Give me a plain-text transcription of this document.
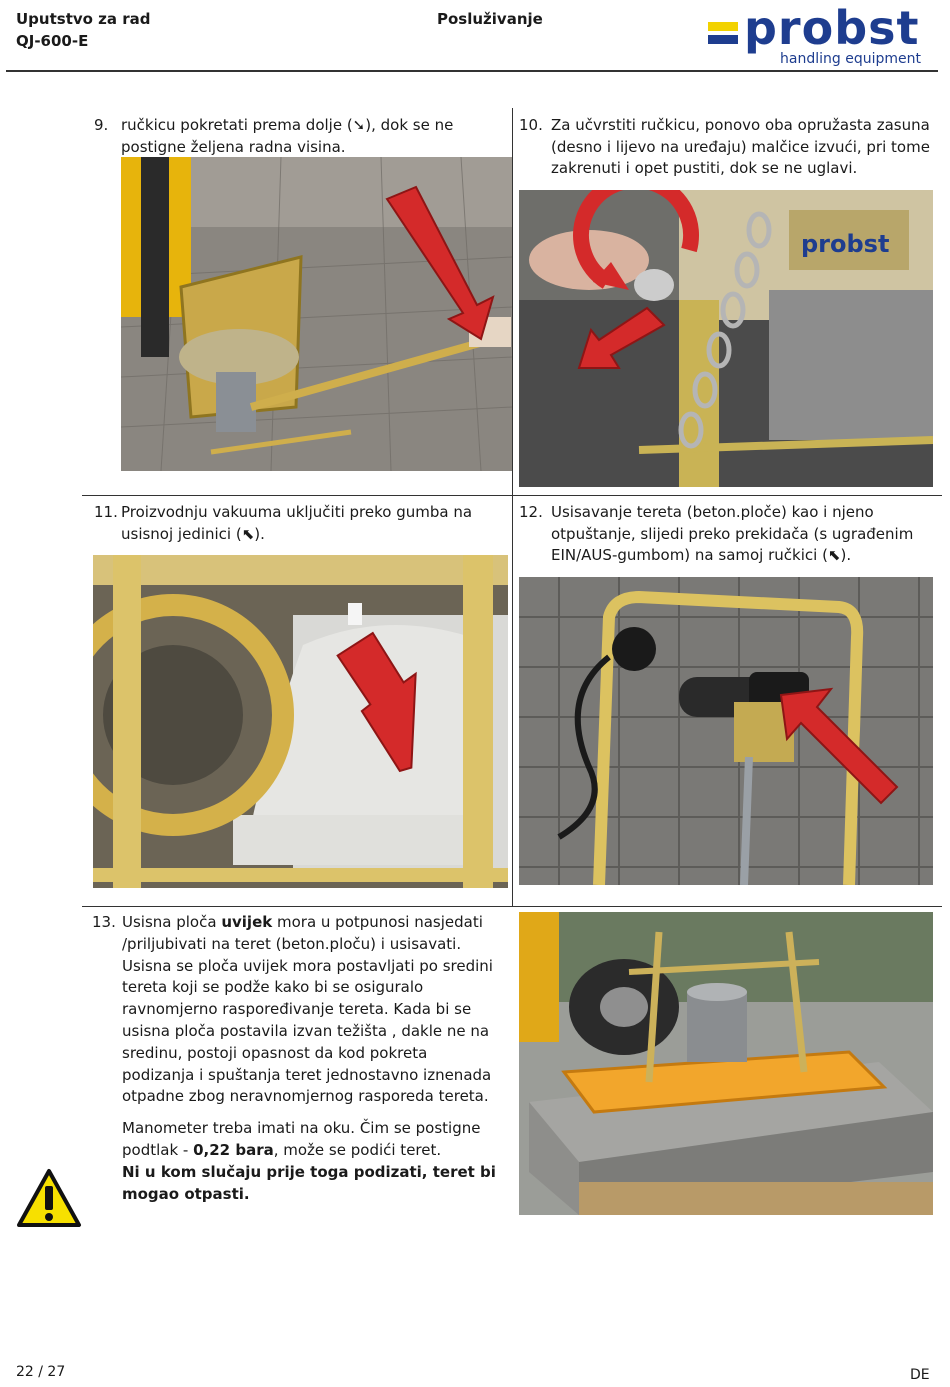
Uputstvo za rad
QJ-600-E
Posluživanje	probst
handling equipment
9. ručkicu pokretati prema dolje (➘), dok se ne
postigne željena radna visina.
10. Za učvrstiti ručkicu, ponovo oba opružasta zasuna
(desno i lijevo na uređaju) malčice izvući, pri tome
zakrenuti i opet pustiti, dok se ne uglavi.
probst
11. Proizvodnju vakuuma uključiti preko gumba na
usisnoj jedinici (⬉).
12. Usisavanje tereta (beton.ploče) kao i njeno
otpuštanje, slijedi preko prekidača (s ugrađenim
EIN/AUS-gumbom) na samoj ručkici (⬉).
13. Usisna ploča uvijek mora u potpunosi nasjedati /priljubivati na teret (beton.ploču) i usisavati. Usisna se ploča uvijek mora postavljati po sredini tereta koji se podže kako bi se osiguralo ravnomjerno raspoređivanje tereta. Kada bi se usisna ploča postavila izvan težišta , dakle ne na sredinu, postoji opasnost da kod pokreta podizanja i spuštanja teret jednostavno iznenada otpadne zbog neravnomjernog rasporeda tereta.

Manometer treba imati na oku. Čim se postigne podtlak - 0,22 bara, može se podići teret.

Ni u kom slučaju prije toga podizati, teret bi mogao otpasti.

22 / 27	DE
